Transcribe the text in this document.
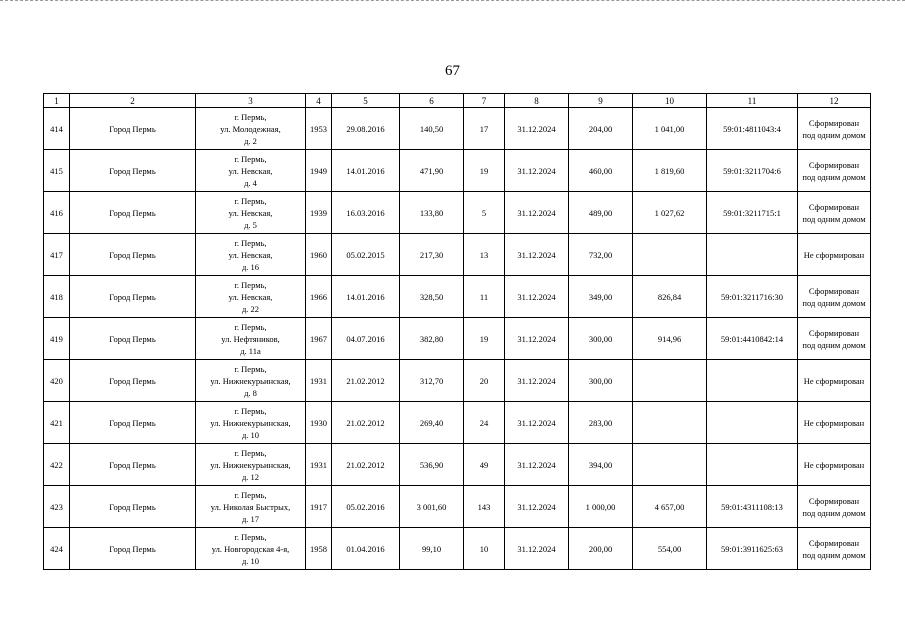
67
1	2	3	4	5	6	7	8	9	10	11	12
414	Город Пермь	г. Пермь,
ул. Молодежная,
д. 2	1953	29.08.2016	140,50	17	31.12.2024	204,00	1 041,00	59:01:4811043:4	Сформирован
под одним домом

415	Город Пермь	г. Пермь,
ул. Невская,
д. 4	1949	14.01.2016	471,90	19	31.12.2024	460,00	1 819,60	59:01:3211704:6	Сформирован
под одним домом

416	Город Пермь	г. Пермь,
ул. Невская,
д. 5	1939	16.03.2016	133,80	5	31.12.2024	489,00	1 027,62	59:01:3211715:1	Сформирован
под одним домом

417	Город Пермь	г. Пермь,
ул. Невская,
д. 16	1960	05.02.2015	217,30	13	31.12.2024	732,00			Не сформирован

418	Город Пермь	г. Пермь,
ул. Невская,
д. 22	1966	14.01.2016	328,50	11	31.12.2024	349,00	826,84	59:01:3211716:30	Сформирован
под одним домом

419	Город Пермь	г. Пермь,
ул. Нефтяников,
д. 11а	1967	04.07.2016	382,80	19	31.12.2024	300,00	914,96	59:01:4410842:14	Сформирован
под одним домом

420	Город Пермь	г. Пермь,
ул. Нижнекурьинская,
д. 8	1931	21.02.2012	312,70	20	31.12.2024	300,00			Не сформирован

421	Город Пермь	г. Пермь,
ул. Нижнекурьинская,
д. 10	1930	21.02.2012	269,40	24	31.12.2024	283,00			Не сформирован

422	Город Пермь	г. Пермь,
ул. Нижнекурьинская,
д. 12	1931	21.02.2012	536,90	49	31.12.2024	394,00			Не сформирован

423	Город Пермь	г. Пермь,
ул. Николая Быстрых,
д. 17	1917	05.02.2016	3 001,60	143	31.12.2024	1 000,00	4 657,00	59:01:4311108:13	Сформирован
под одним домом

424	Город Пермь	г. Пермь,
ул. Новгородская 4-я,
д. 10	1958	01.04.2016	99,10	10	31.12.2024	200,00	554,00	59:01:3911625:63	Сформирован
под одним домом
